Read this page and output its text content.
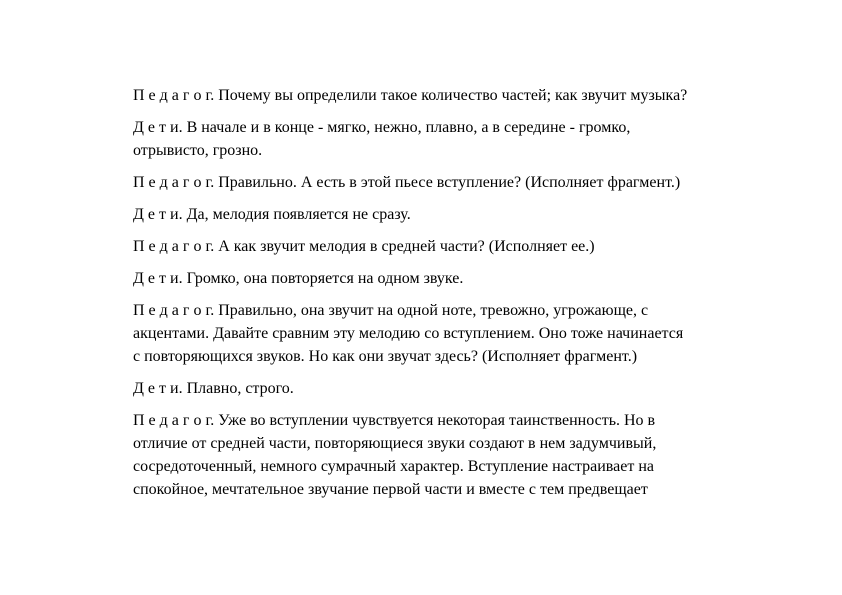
П е д а г о г. Почему вы определили такое количество частей; как звучит музыка?

Д е т и. В начале и в конце - мягко, нежно, плавно, а в середине - громко,
отрывисто, грозно.

П е д а г о г. Правильно. А есть в этой пьесе вступление? (Исполняет фрагмент.)

Д е т и. Да, мелодия появляется не сразу.

П е д а г о г. А как звучит мелодия в средней части? (Исполняет ее.)

Д е т и. Громко, она повторяется на одном звуке.

П е д а г о г. Правильно, она звучит на одной ноте, тревожно, угрожающе, с
акцентами. Давайте сравним эту мелодию со вступлением. Оно тоже начинается
с повторяющихся звуков. Но как они звучат здесь? (Исполняет фрагмент.)

Д е т и. Плавно, строго.

П е д а г о г. Уже во вступлении чувствуется некоторая таинственность. Но в
отличие от средней части, повторяющиеся звуки создают в нем задумчивый,
сосредоточенный, немного сумрачный характер. Вступление настраивает на
спокойное, мечтательное звучание первой части и вместе с тем предвещает
